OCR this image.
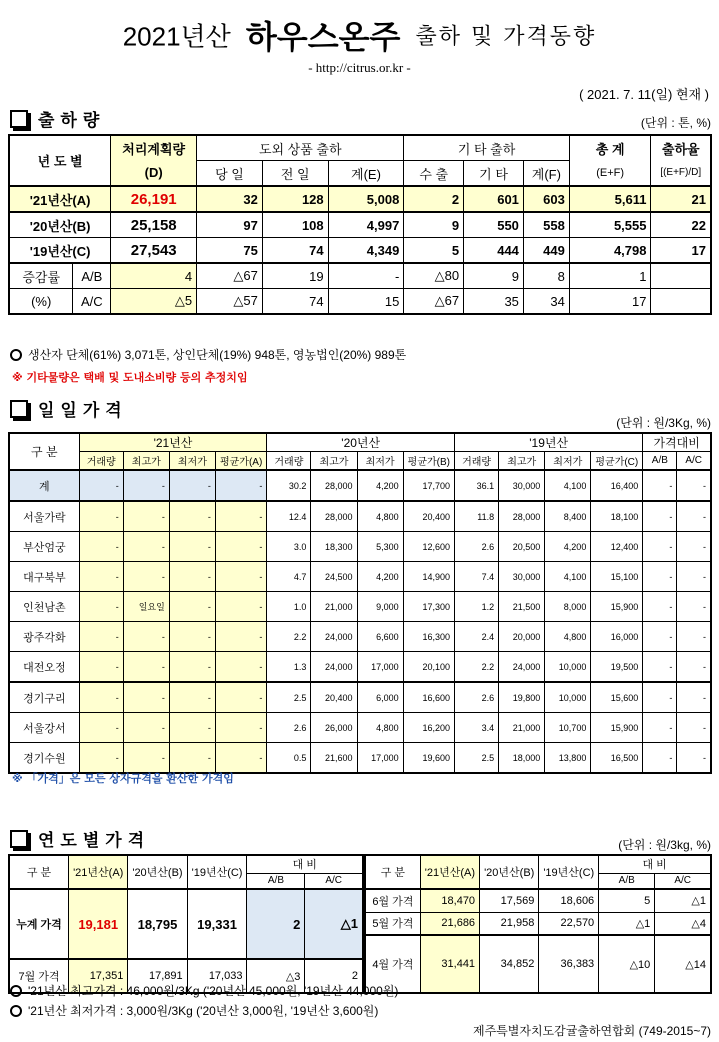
2021년산 하우스온주 출하 및 가격동향
- http://citrus.or.kr -
( 2021. 7. 11(일) 현재 )
출하량	(단위 : 톤, %)
년 도 별		처리계획량	도외 상품 출하			기 타 출하			총 계	출하율
		(D)	당 일	전 일	계(E)	수 출	기 타	계(F)	(E+F)	[(E+F)/D]
'21년산(A)		26,191	32	128	5,008	2	601	603	5,611	21
'20년산(B)		25,158	97	108	4,997	9	550	558	5,555	22
'19년산(C)		27,543	75	74	4,349	5	444	449	4,798	17
증감률	A/B	4	△67	19	-	△80	9	8	1	
(%)	A/C	△5	△57	74	15	△67	35	34	17	
생산자 단체(61%) 3,071톤, 상인단체(19%) 948톤, 영농법인(20%) 989톤
※ 기타물량은 택배 및 도내소비량 등의 추정치임
일일가격
(단위 : 원/3Kg, %)
구 분	'21년산				'20년산				'19년산				가격대비	
	거래량	최고가	최저가	평균가(A)	거래량	최고가	최저가	평균가(B)	거래량	최고가	최저가	평균가(C)	A/B	A/C
계	-	-	-	-	30.2	28,000	4,200	17,700	36.1	30,000	4,100	16,400	-	-
서울가락	-	-	-	-	12.4	28,000	4,800	20,400	11.8	28,000	8,400	18,100	-	-
부산엄궁	-	-	-	-	3.0	18,300	5,300	12,600	2.6	20,500	4,200	12,400	-	-
대구북부	-	-	-	-	4.7	24,500	4,200	14,900	7.4	30,000	4,100	15,100	-	-
인천남촌	-	일요일	-	-	1.0	21,000	9,000	17,300	1.2	21,500	8,000	15,900	-	-
광주각화	-	-	-	-	2.2	24,000	6,600	16,300	2.4	20,000	4,800	16,000	-	-
대전오정	-	-	-	-	1.3	24,000	17,000	20,100	2.2	24,000	10,000	19,500	-	-
경기구리	-	-	-	-	2.5	20,400	6,000	16,600	2.6	19,800	10,000	15,600	-	-
서울강서	-	-	-	-	2.6	26,000	4,800	16,200	3.4	21,000	10,700	15,900	-	-
경기수원	-	-	-	-	0.5	21,600	17,000	19,600	2.5	18,000	13,800	16,500	-	-
※ 「가격」은 모든 상자규격을 환산한 가격임
연도별가격	(단위 : 원/3kg, %)
구 분	'21년산(A)	'20년산(B)	'19년산(C)	대 비	
				A/B	A/C
누계 가격	19,181	18,795	19,331	2	△1
7월 가격	17,351	17,891	17,033	△3	2
구 분	'21년산(A)	'20년산(B)	'19년산(C)	대 비	
				A/B	A/C
6월 가격	18,470	17,569	18,606	5	△1
5월 가격	21,686	21,958	22,570	△1	△4
4월 가격	31,441	34,852	36,383	△10	△14
'21년산 최고가격 : 46,000원/3Kg ('20년산 45,000원, '19년산 44,000원)
'21년산 최저가격 : 3,000원/3Kg ('20년산 3,000원, '19년산 3,600원)
제주특별자치도감귤출하연합회 (749-2015~7)
